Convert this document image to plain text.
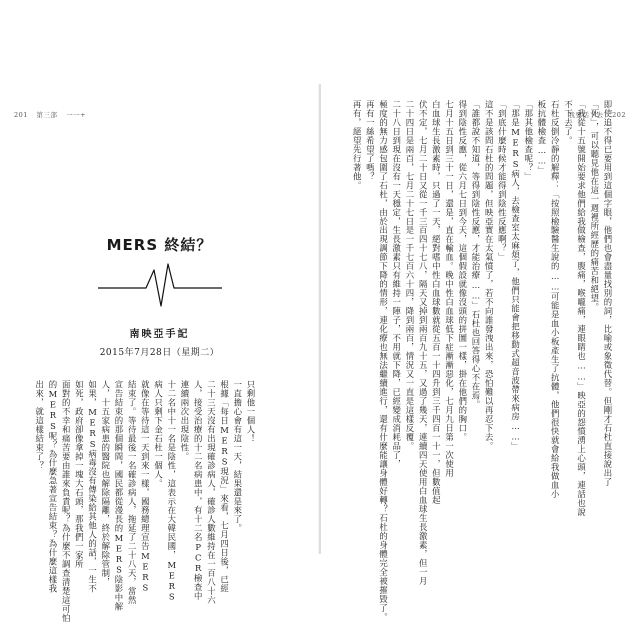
201 第三部 一一+
MERS 終結？
南映亞手記
2015年7月28日（星期二）

只剩他一個人！

一直擔心會有這一天，結果還是來了。

根據「每日MERS現況」來看，七月四日後，已經

二十三天沒有出現確診病人，確診人數維持在一百八十六

人，接受治療的十二名病患中，有十二名PCR檢查中

連續兩次出現陰性。

十二名中十一名是陰性，這表示在大韓民國，MERS

病人只剩下金石杜一個人。

就像在等待這一天到來一樣，國務總理宣告MERS

結束了。等待最後一名確診病人，拖延了二十八天，當然

宣告結束的那個瞬間，國民都從漫長的MERS陰影中解

人，十五家病患的醫院也解除隔離，終於解除管制，

如果，MERS病毒沒有傳染給其他人的話，一生不

如死，政府卻像拿掉一塊大石頭，那我們一家所

面對的不幸和痛苦要由誰來負責呢？為什麼不調查清楚這可怕

的MERS呢？為什麼急著宣告結束？為什麼這樣我

出來，就這樣結束了？

我要活下去 202

即使追不得已要用到這個字眼，他們也會盡量找別的詞，比喻或象徵代替。但剛才石杜直接說出了

「死」，可以聽見他在這一週裡所經歷的痛苦和絕望。

「我從十五號開始要求他們給我做檢查，腹痛，喉嚨痛，連眼睛也……」映亞的怨憤湧上心頭，連話也說

不下去了。

石杜反倒冷靜的解釋：「按照檢驗醫生說的……可能是血小板產生了抗體，他們很快就會給我做血小

板抗體檢查……」

「那其他檢查呢？」

「那是MERS病人，去檢查室太麻煩了，他們只能會把移動式超音波帶來病房……」

「到底什麼時候才能得到陰性反應啊？」

這不是該問石杜的問題，但映亞實在太氣憤了，若不向誰發洩出來，恐怕難以再忍下去。

「誰都說不知道，等得到陰性反應，才能治療……」石杜也回答得心不在焉。

得到陰性反應，從六月七日到今天，這個假設就像沒頭的拼圖一樣，掛在他們的胸口。

七月十五日到三十一日，還是，直在輸血。晚中性白血球低下症漸漸惡化，七月九日第一次使用

白血球生長激素時，只過了一天，絕對嗜中性白血球數就從五百一十四升到三千四百一十一，但數值起

伏不定，七月二十日又從一千三百四十七八，隔天又掉到兩百九十五，又過了幾天，連續四天使用白血球生長激素，但一月

二十四日是兩百，七月二十七日是一千七百六十四，降到兩百，情況又一直是這樣反覆。

二十八日到現在沒有一天穩定，生長激素只有維持一陣子，不用就下降，已經變成消耗品了，

極度的無力感包圍了石杜，由於出現調節下降的情形，連化療也無法繼續進行，還有什麼能讓身體好轉？石杜的身體完全被摧毀了。

再有一絲希望了嗎？

再有，絕望先行著他。
